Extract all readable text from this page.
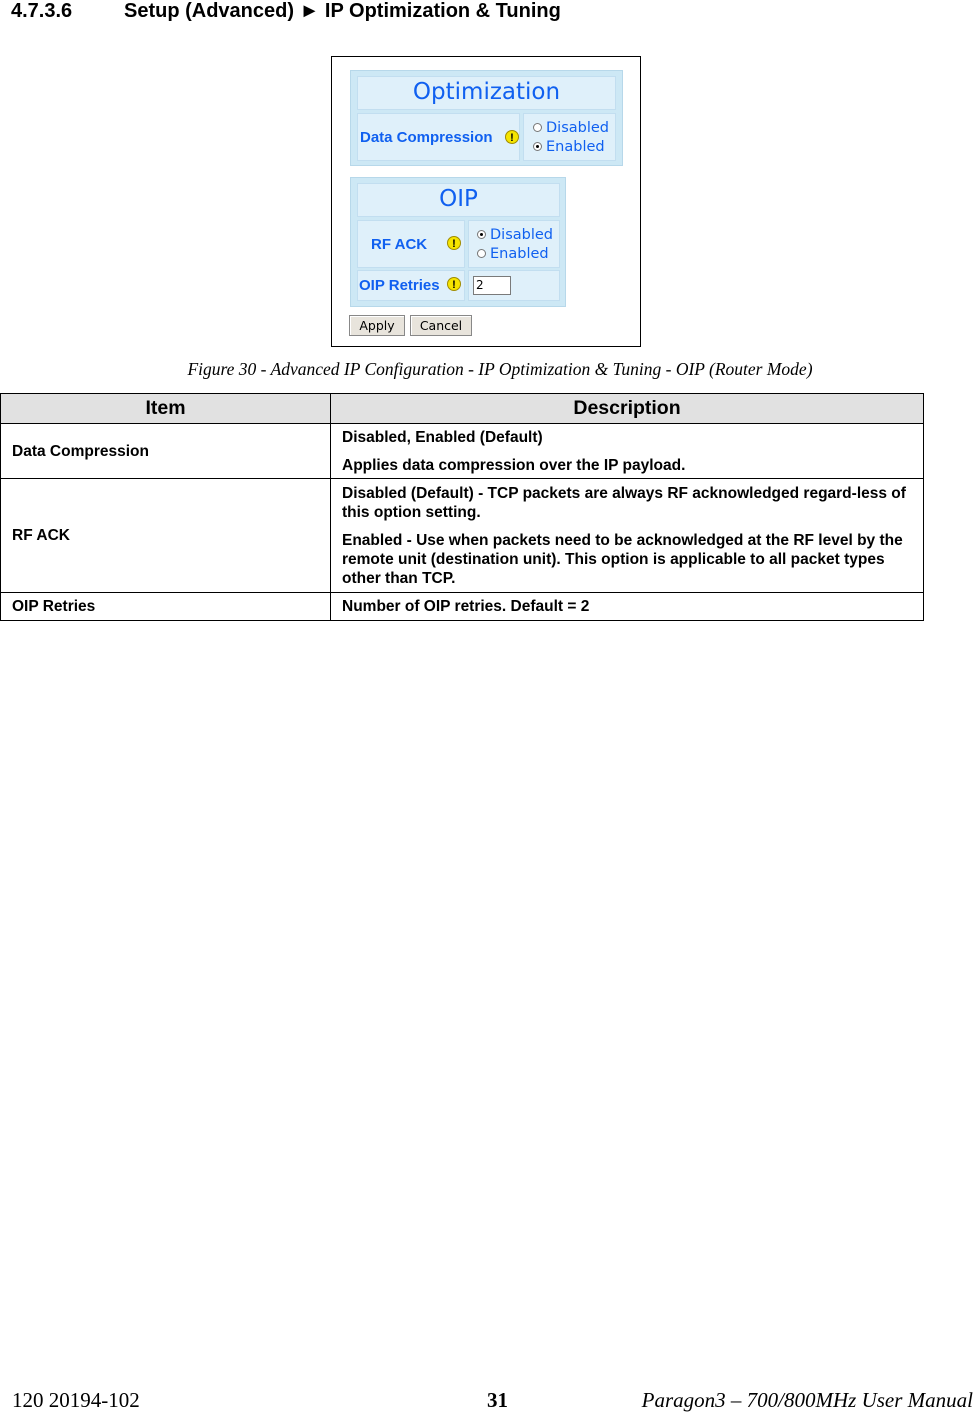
4.7.3.6	Setup (Advanced) ► IP Optimization & Tuning
Optimization
Data Compression	!
Disabled
Enabled
OIP
RF ACK	!
Disabled
Enabled
OIP Retries	!	2
Apply	Cancel
Figure 30 - Advanced IP Configuration - IP Optimization & Tuning - OIP (Router Mode)
Item	Description
Data Compression	Disabled, Enabled (Default)

Applies data compression over the IP payload.

RF ACK	Disabled (Default) - TCP packets are always RF acknowledged regard-less of this option setting.

Enabled - Use when packets need to be acknowledged at the RF level by the remote unit (destination unit). This option is applicable to all packet types other than TCP.

OIP Retries	Number of OIP retries. Default = 2

120 20194-102	31	Paragon3 – 700/800MHz User Manual
